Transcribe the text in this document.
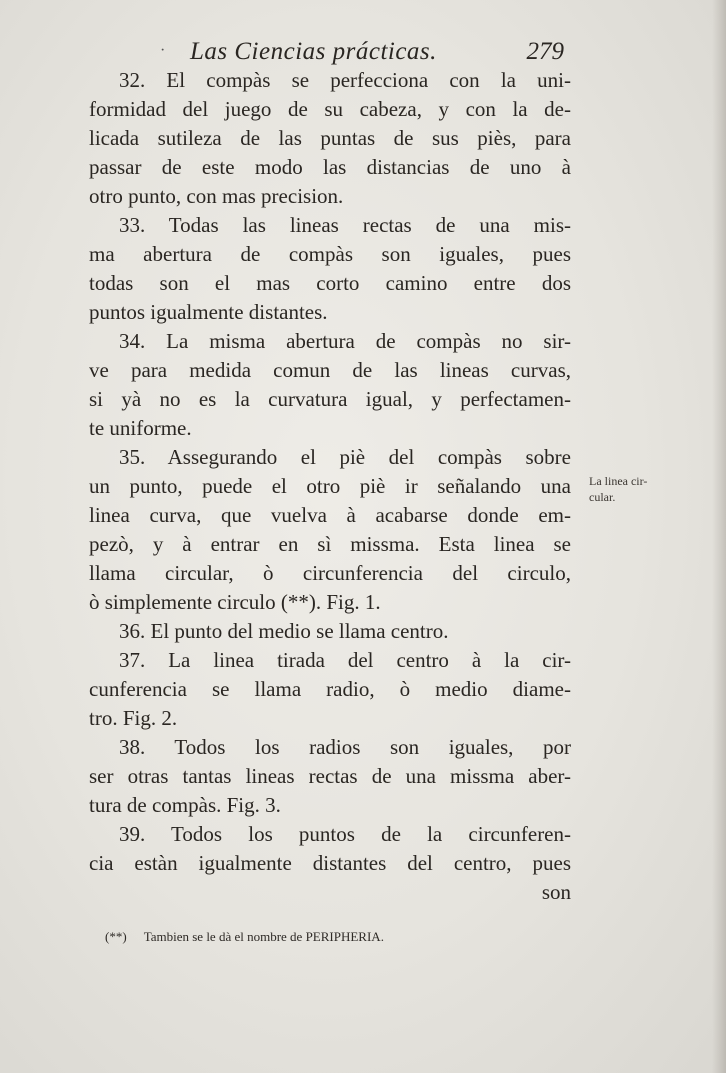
· Las Ciencias prácticas.	279
32. El compàs se perfecciona con la uni-
formidad del juego de su cabeza, y con la de-
licada sutileza de las puntas de sus piès, para
passar de este modo las distancias de uno à
otro punto, con mas precision.
33. Todas las lineas rectas de una mis-
ma abertura de compàs son iguales, pues
todas son el mas corto camino entre dos
puntos igualmente distantes.
34. La misma abertura de compàs no sir-
ve para medida comun de las lineas curvas,
si yà no es la curvatura igual, y perfectamen-
te uniforme.
35. Assegurando el piè del compàs sobre
un punto, puede el otro piè ir señalando una
linea curva, que vuelva à acabarse donde em-
pezò, y à entrar en sì missma. Esta linea se
llama circular, ò circunferencia del circulo,
ò simplemente circulo (**). Fig. 1.
36. El punto del medio se llama centro.
37. La linea tirada del centro à la cir-
cunferencia se llama radio, ò medio diame-
tro. Fig. 2.
38. Todos los radios son iguales, por
ser otras tantas lineas rectas de una missma aber-
tura de compàs. Fig. 3.
39. Todos los puntos de la circunferen-
cia estàn igualmente distantes del centro, pues
son
La linea cir-
cular.
(**) Tambien se le dà el nombre de PERIPHERIA.
